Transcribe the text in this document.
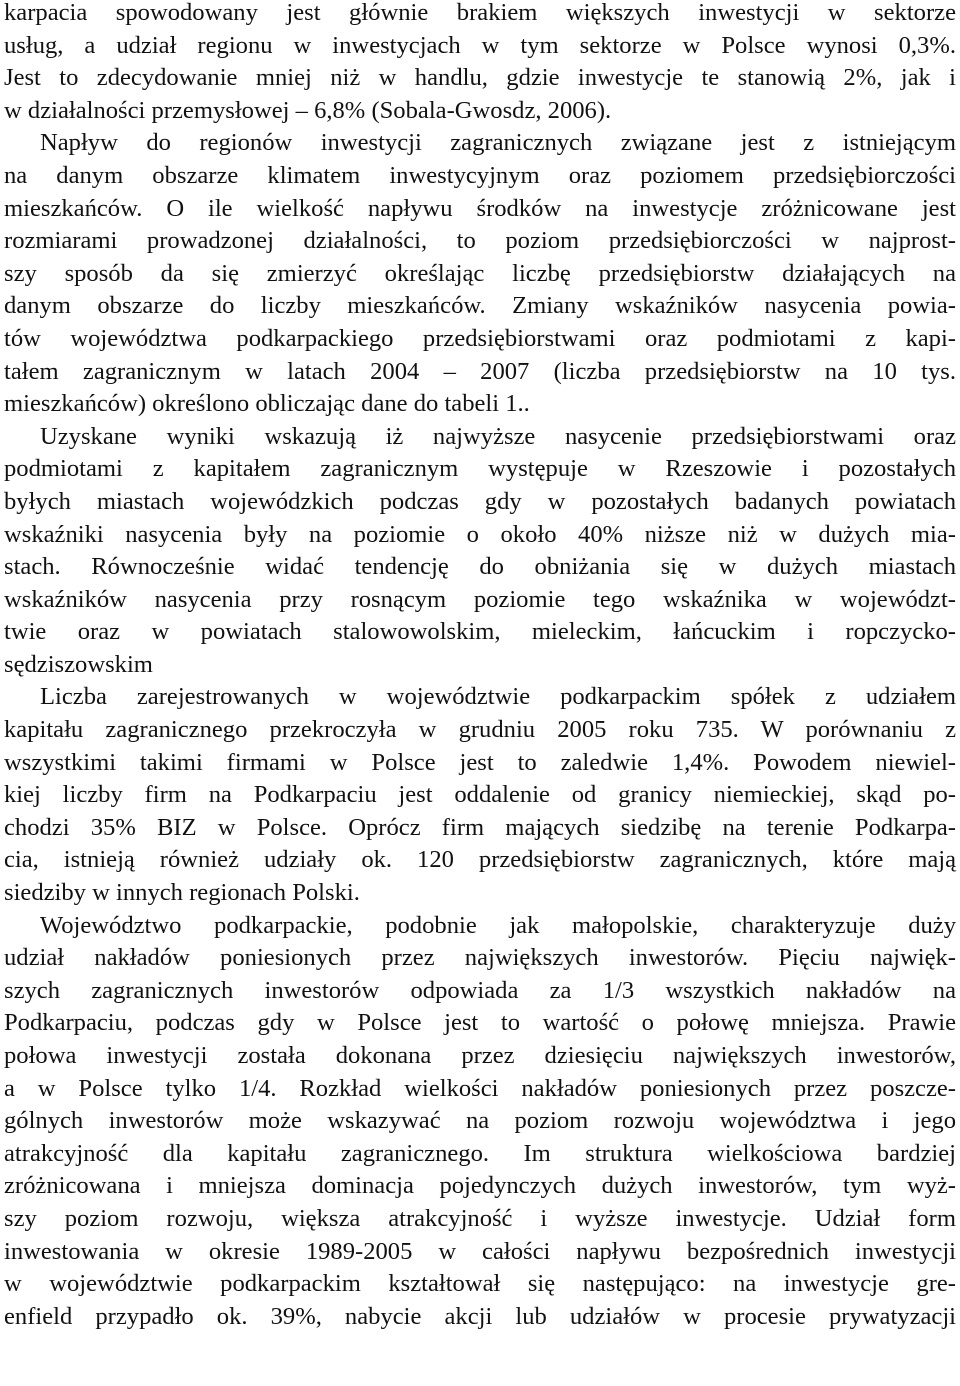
karpacia spowodowany jest głównie brakiem większych inwestycji w sektorze
usług, a udział regionu w inwestycjach w tym sektorze w Polsce wynosi 0,3%.
Jest to zdecydowanie mniej niż w handlu, gdzie inwestycje te stanowią 2%, jak i
w działalności przemysłowej – 6,8% (Sobala-Gwosdz, 2006).
Napływ do regionów inwestycji zagranicznych związane jest z istniejącym
na danym obszarze klimatem inwestycyjnym oraz poziomem przedsiębiorczości
mieszkańców. O ile wielkość napływu środków na inwestycje zróżnicowane jest
rozmiarami prowadzonej działalności, to poziom przedsiębiorczości w najprost-
szy sposób da się zmierzyć określając liczbę przedsiębiorstw działających na
danym obszarze do liczby mieszkańców. Zmiany wskaźników nasycenia powia-
tów województwa podkarpackiego przedsiębiorstwami oraz podmiotami z kapi-
tałem zagranicznym w latach 2004 – 2007 (liczba przedsiębiorstw na 10 tys.
mieszkańców) określono obliczając dane do tabeli 1..
Uzyskane wyniki wskazują iż najwyższe nasycenie przedsiębiorstwami oraz
podmiotami z kapitałem zagranicznym występuje w Rzeszowie i pozostałych
byłych miastach wojewódzkich podczas gdy w pozostałych badanych powiatach
wskaźniki nasycenia były na poziomie o około 40% niższe niż w dużych mia-
stach. Równocześnie widać tendencję do obniżania się w dużych miastach
wskaźników nasycenia przy rosnącym poziomie tego wskaźnika w województ-
twie oraz w powiatach stalowowolskim, mieleckim, łańcuckim i ropczycko-
sędziszowskim
Liczba zarejestrowanych w województwie podkarpackim spółek z udziałem
kapitału zagranicznego przekroczyła w grudniu 2005 roku 735. W porównaniu z
wszystkimi takimi firmami w Polsce jest to zaledwie 1,4%. Powodem niewiel-
kiej liczby firm na Podkarpaciu jest oddalenie od granicy niemieckiej, skąd po-
chodzi 35% BIZ w Polsce. Oprócz firm mających siedzibę na terenie Podkarpa-
cia, istnieją również udziały ok. 120 przedsiębiorstw zagranicznych, które mają
siedziby w innych regionach Polski.
Województwo podkarpackie, podobnie jak małopolskie, charakteryzuje duży
udział nakładów poniesionych przez największych inwestorów. Pięciu najwięk-
szych zagranicznych inwestorów odpowiada za 1/3 wszystkich nakładów na
Podkarpaciu, podczas gdy w Polsce jest to wartość o połowę mniejsza. Prawie
połowa inwestycji została dokonana przez dziesięciu największych inwestorów,
a w Polsce tylko 1/4. Rozkład wielkości nakładów poniesionych przez poszcze-
gólnych inwestorów może wskazywać na poziom rozwoju województwa i jego
atrakcyjność dla kapitału zagranicznego. Im struktura wielkościowa bardziej
zróżnicowana i mniejsza dominacja pojedynczych dużych inwestorów, tym wyż-
szy poziom rozwoju, większa atrakcyjność i wyższe inwestycje. Udział form
inwestowania w okresie 1989-2005 w całości napływu bezpośrednich inwestycji
w województwie podkarpackim kształtował się następująco: na inwestycje gre-
enfield przypadło ok. 39%, nabycie akcji lub udziałów w procesie prywatyzacji
